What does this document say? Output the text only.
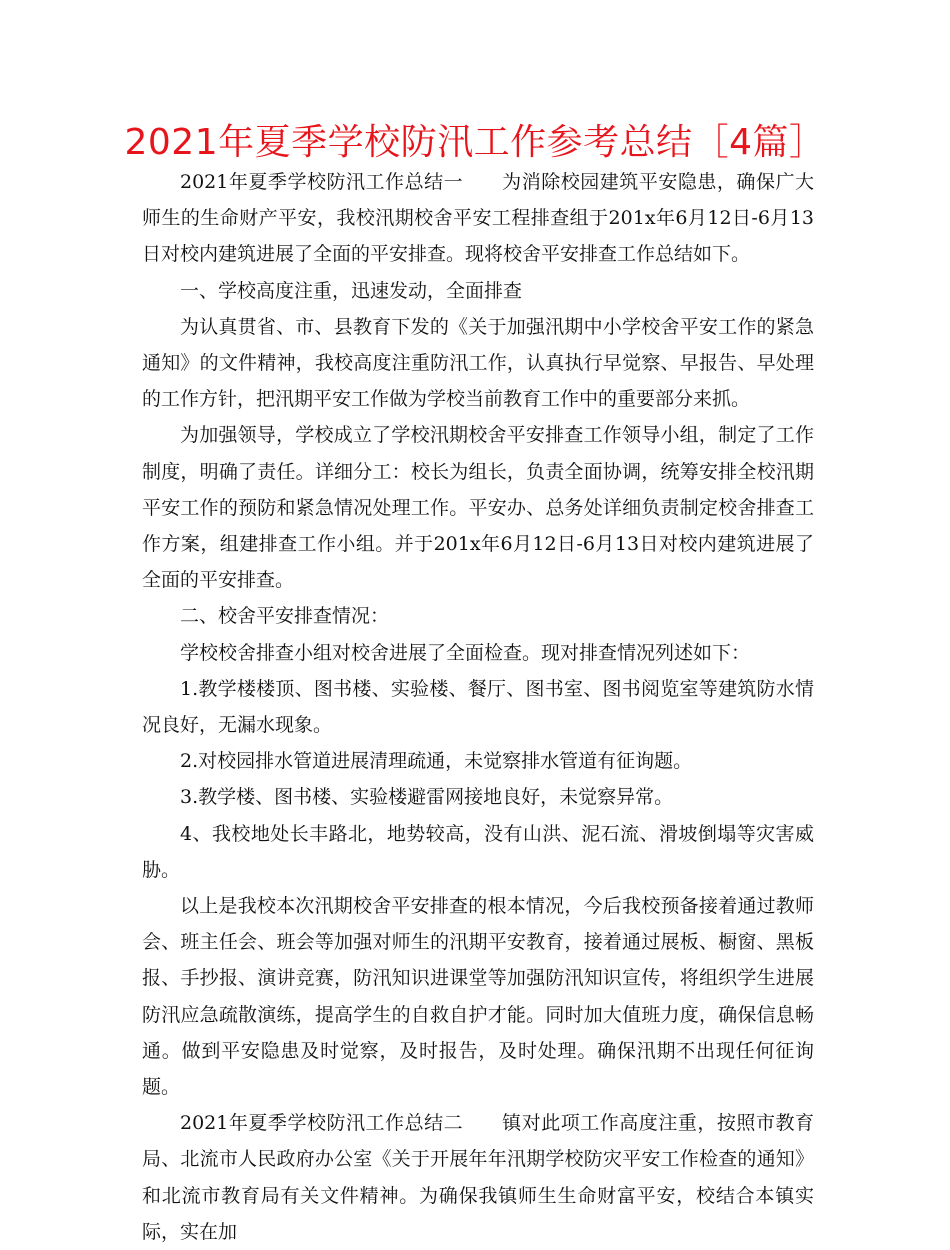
2021年夏季学校防汛工作参考总结［4篇］

2021年夏季学校防汛工作总结一　　为消除校园建筑平安隐患，确保广大师生的生命财产平安，我校汛期校舍平安工程排查组于201x年6月12日-6月13日对校内建筑进展了全面的平安排查。现将校舍平安排查工作总结如下。

一、学校高度注重，迅速发动，全面排查

为认真贯省、市、县教育下发的《关于加强汛期中小学校舍平安工作的紧急通知》的文件精神，我校高度注重防汛工作，认真执行早觉察、早报告、早处理的工作方针，把汛期平安工作做为学校当前教育工作中的重要部分来抓。

为加强领导，学校成立了学校汛期校舍平安排查工作领导小组，制定了工作制度，明确了责任。详细分工：校长为组长，负责全面协调，统筹安排全校汛期平安工作的预防和紧急情况处理工作。平安办、总务处详细负责制定校舍排查工作方案，组建排查工作小组。并于201x年6月12日-6月13日对校内建筑进展了全面的平安排查。

二、校舍平安排查情况：

学校校舍排查小组对校舍进展了全面检查。现对排查情况列述如下：

1.教学楼楼顶、图书楼、实验楼、餐厅、图书室、图书阅览室等建筑防水情况良好，无漏水现象。

2.对校园排水管道进展清理疏通，未觉察排水管道有征询题。

3.教学楼、图书楼、实验楼避雷网接地良好，未觉察异常。

4、我校地处长丰路北，地势较高，没有山洪、泥石流、滑坡倒塌等灾害威胁。

以上是我校本次汛期校舍平安排查的根本情况，今后我校预备接着通过教师会、班主任会、班会等加强对师生的汛期平安教育，接着通过展板、橱窗、黑板报、手抄报、演讲竞赛，防汛知识进课堂等加强防汛知识宣传，将组织学生进展防汛应急疏散演练，提高学生的自救自护才能。同时加大值班力度，确保信息畅通。做到平安隐患及时觉察，及时报告，及时处理。确保汛期不出现任何征询题。

2021年夏季学校防汛工作总结二　　镇对此项工作高度注重，按照市教育局、北流市人民政府办公室《关于开展年年汛期学校防灾平安工作检查的通知》和北流市教育局有关文件精神。为确保我镇师生生命财富平安，校结合本镇实际，实在加
